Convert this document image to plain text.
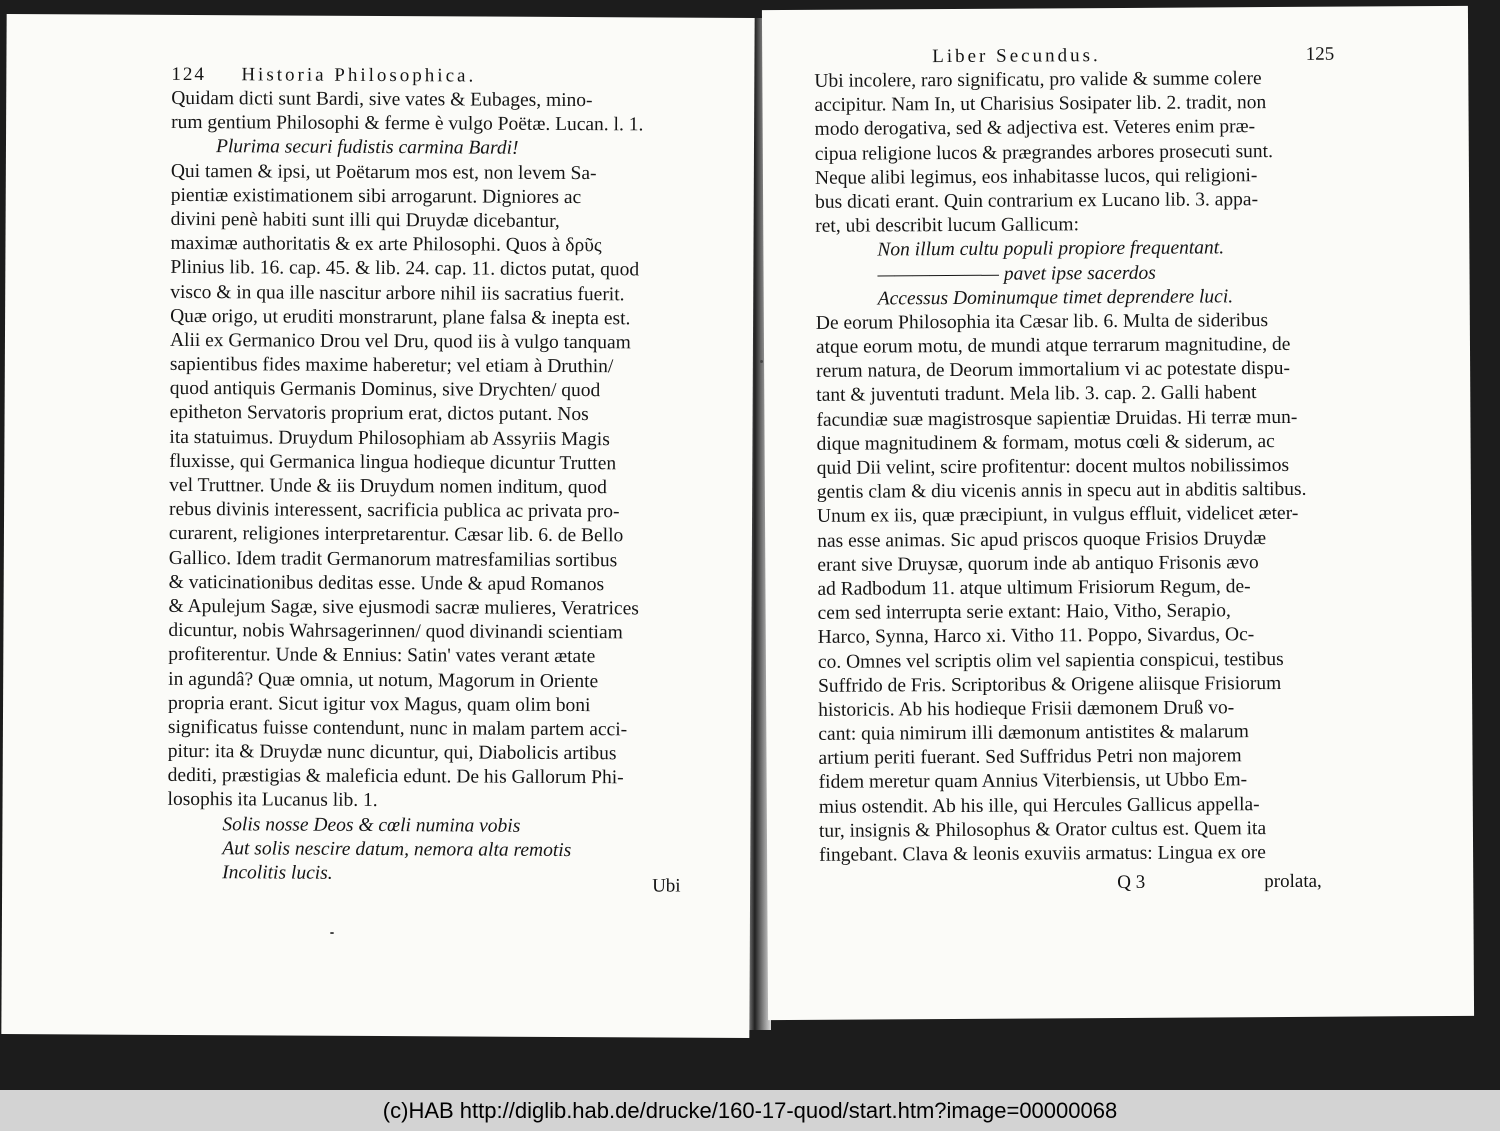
124 Historia Philosophica.
Quidam dicti sunt Bardi, sive vates & Eubages, mino-
rum gentium Philosophi & ferme è vulgo Poëtæ. Lucan. l. 1.
Plurima securi fudistis carmina Bardi!
Qui tamen & ipsi, ut Poëtarum mos est, non levem Sa-
pientiæ existimationem sibi arrogarunt. Digniores ac
divini penè habiti sunt illi qui Druydæ dicebantur,
maximæ authoritatis & ex arte Philosophi. Quos à δρῦς
Plinius lib. 16. cap. 45. & lib. 24. cap. 11. dictos putat, quod
visco & in qua ille nascitur arbore nihil iis sacratius fuerit.
Quæ origo, ut eruditi monstrarunt, plane falsa & inepta est.
Alii ex Germanico Drou vel Dru, quod iis à vulgo tanquam
sapientibus fides maxime haberetur; vel etiam à Druthin/
quod antiquis Germanis Dominus, sive Drychten/ quod
epitheton Servatoris proprium erat, dictos putant. Nos
ita statuimus. Druydum Philosophiam ab Assyriis Magis
fluxisse, qui Germanica lingua hodieque dicuntur Trutten
vel Truttner. Unde & iis Druydum nomen inditum, quod
rebus divinis interessent, sacrificia publica ac privata pro-
curarent, religiones interpretarentur. Cæsar lib. 6. de Bello
Gallico. Idem tradit Germanorum matresfamilias sortibus
& vaticinationibus deditas esse. Unde & apud Romanos
& Apulejum Sagæ, sive ejusmodi sacræ mulieres, Veratrices
dicuntur, nobis Wahrsagerinnen/ quod divinandi scientiam
profiterentur. Unde & Ennius: Satin' vates verant ætate
in agundâ? Quæ omnia, ut notum, Magorum in Oriente
propria erant. Sicut igitur vox Magus, quam olim boni
significatus fuisse contendunt, nunc in malam partem acci-
pitur: ita & Druydæ nunc dicuntur, qui, Diabolicis artibus
dediti, præstigias & maleficia edunt. De his Gallorum Phi-
losophis ita Lucanus lib. 1.
Solis nosse Deos & cœli numina vobis
Aut solis nescire datum, nemora alta remotis
Incolitis lucis.
Ubi
Liber Secundus.	125
Ubi incolere, raro significatu, pro valide & summe colere
accipitur. Nam In, ut Charisius Sosipater lib. 2. tradit, non
modo derogativa, sed & adjectiva est. Veteres enim præ-
cipua religione lucos & prægrandes arbores prosecuti sunt.
Neque alibi legimus, eos inhabitasse lucos, qui religioni-
bus dicati erant. Quin contrarium ex Lucano lib. 3. appa-
ret, ubi describit lucum Gallicum:
Non illum cultu populi propiore frequentant.
——————— pavet ipse sacerdos
Accessus Dominumque timet deprendere luci.
De eorum Philosophia ita Cæsar lib. 6. Multa de sideribus
atque eorum motu, de mundi atque terrarum magnitudine, de
rerum natura, de Deorum immortalium vi ac potestate dispu-
tant & juventuti tradunt. Mela lib. 3. cap. 2. Galli habent
facundiæ suæ magistrosque sapientiæ Druidas. Hi terræ mun-
dique magnitudinem & formam, motus cœli & siderum, ac
quid Dii velint, scire profitentur: docent multos nobilissimos
gentis clam & diu vicenis annis in specu aut in abditis saltibus.
Unum ex iis, quæ præcipiunt, in vulgus effluit, videlicet æter-
nas esse animas. Sic apud priscos quoque Frisios Druydæ
erant sive Druysæ, quorum inde ab antiquo Frisonis ævo
ad Radbodum 11. atque ultimum Frisiorum Regum, de-
cem sed interrupta serie extant: Haio, Vitho, Serapio,
Harco, Synna, Harco xi. Vitho 11. Poppo, Sivardus, Oc-
co. Omnes vel scriptis olim vel sapientia conspicui, testibus
Suffrido de Fris. Scriptoribus & Origene aliisque Frisiorum
historicis. Ab his hodieque Frisii dæmonem Druß vo-
cant: quia nimirum illi dæmonum antistites & malarum
artium periti fuerant. Sed Suffridus Petri non majorem
fidem meretur quam Annius Viterbiensis, ut Ubbo Em-
mius ostendit. Ab his ille, qui Hercules Gallicus appella-
tur, insignis & Philosophus & Orator cultus est. Quem ita
fingebant. Clava & leonis exuviis armatus: Lingua ex ore
Q 3	prolata,
(c)HAB http://diglib.hab.de/drucke/160-17-quod/start.htm?image=00000068
